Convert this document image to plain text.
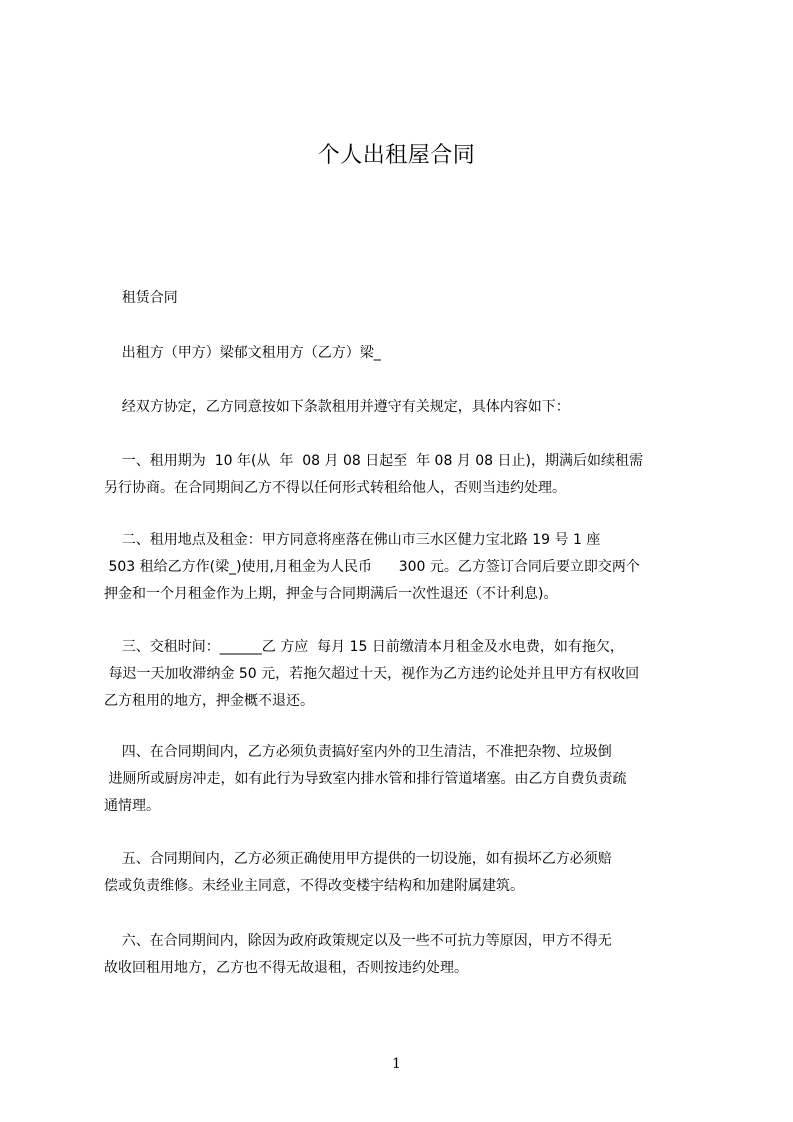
个人出租屋合同
租赁合同
出租方（甲方）梁郁文租用方（乙方）梁_
经双方协定，乙方同意按如下条款租用并遵守有关规定，具体内容如下：
一、租用期为  10 年(从  年  08 月 08 日起至  年 08 月 08 日止)，期满后如续租需
另行协商。在合同期间乙方不得以任何形式转租给他人，否则当违约处理。
二、租用地点及租金：甲方同意将座落在佛山市三水区健力宝北路 19 号 1 座
503 租给乙方作(梁_)使用,月租金为人民币      300 元。乙方签订合同后要立即交两个
押金和一个月租金作为上期，押金与合同期满后一次性退还（不计利息)。
三、交租时间：______乙 方应  每月 15 日前缴清本月租金及水电费，如有拖欠，
每迟一天加收滞纳金 50 元，若拖欠超过十天，视作为乙方违约论处并且甲方有权收回
乙方租用的地方，押金概不退还。
四、在合同期间内，乙方必须负责搞好室内外的卫生清洁，不准把杂物、垃圾倒
进厕所或厨房冲走，如有此行为导致室内排水管和排行管道堵塞。由乙方自费负责疏
通情理。
五、合同期间内，乙方必须正确使用甲方提供的一切设施，如有损坏乙方必须赔
偿或负责维修。未经业主同意，不得改变楼宇结构和加建附属建筑。
六、在合同期间内，除因为政府政策规定以及一些不可抗力等原因，甲方不得无
故收回租用地方，乙方也不得无故退租，否则按违约处理。
1
